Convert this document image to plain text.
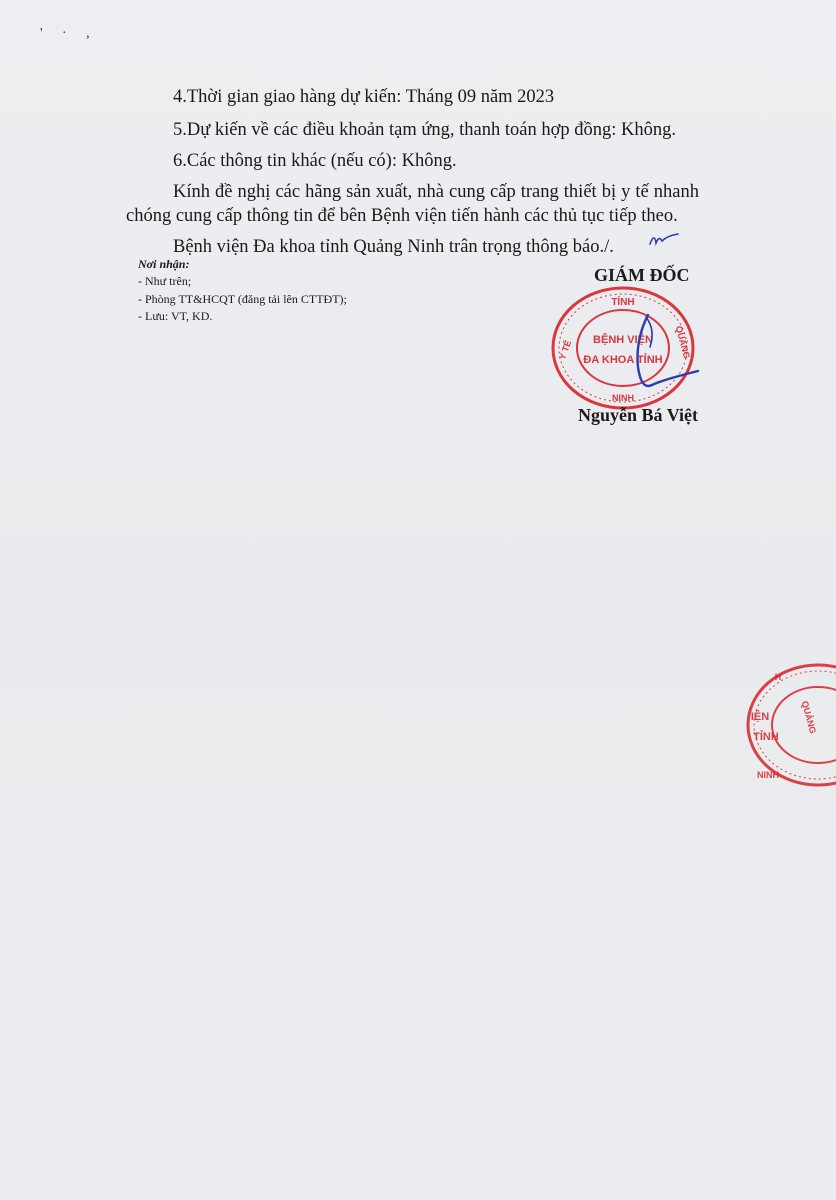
' · ,
4.Thời gian giao hàng dự kiến: Tháng 09 năm 2023
5.Dự kiến về các điều khoản tạm ứng, thanh toán hợp đồng: Không.
6.Các thông tin khác (nếu có): Không.
Kính đề nghị các hãng sản xuất, nhà cung cấp trang thiết bị y tế nhanh chóng cung cấp thông tin để bên Bệnh viện tiến hành các thủ tục tiếp theo.
Bệnh viện Đa khoa tỉnh Quảng Ninh trân trọng thông báo./.
Nơi nhận:
- Như trên;
- Phòng TT&HCQT (đăng tải lên CTTĐT);
- Lưu: VT, KD.
GIÁM ĐỐC
TỈNH
Y TẾ	QUẢNG
NINH
BỆNH VIỆN
ĐA KHOA TỈNH
Nguyễn Bá Việt
H
QUẢNG
NINH
IỆN
TỈNH
